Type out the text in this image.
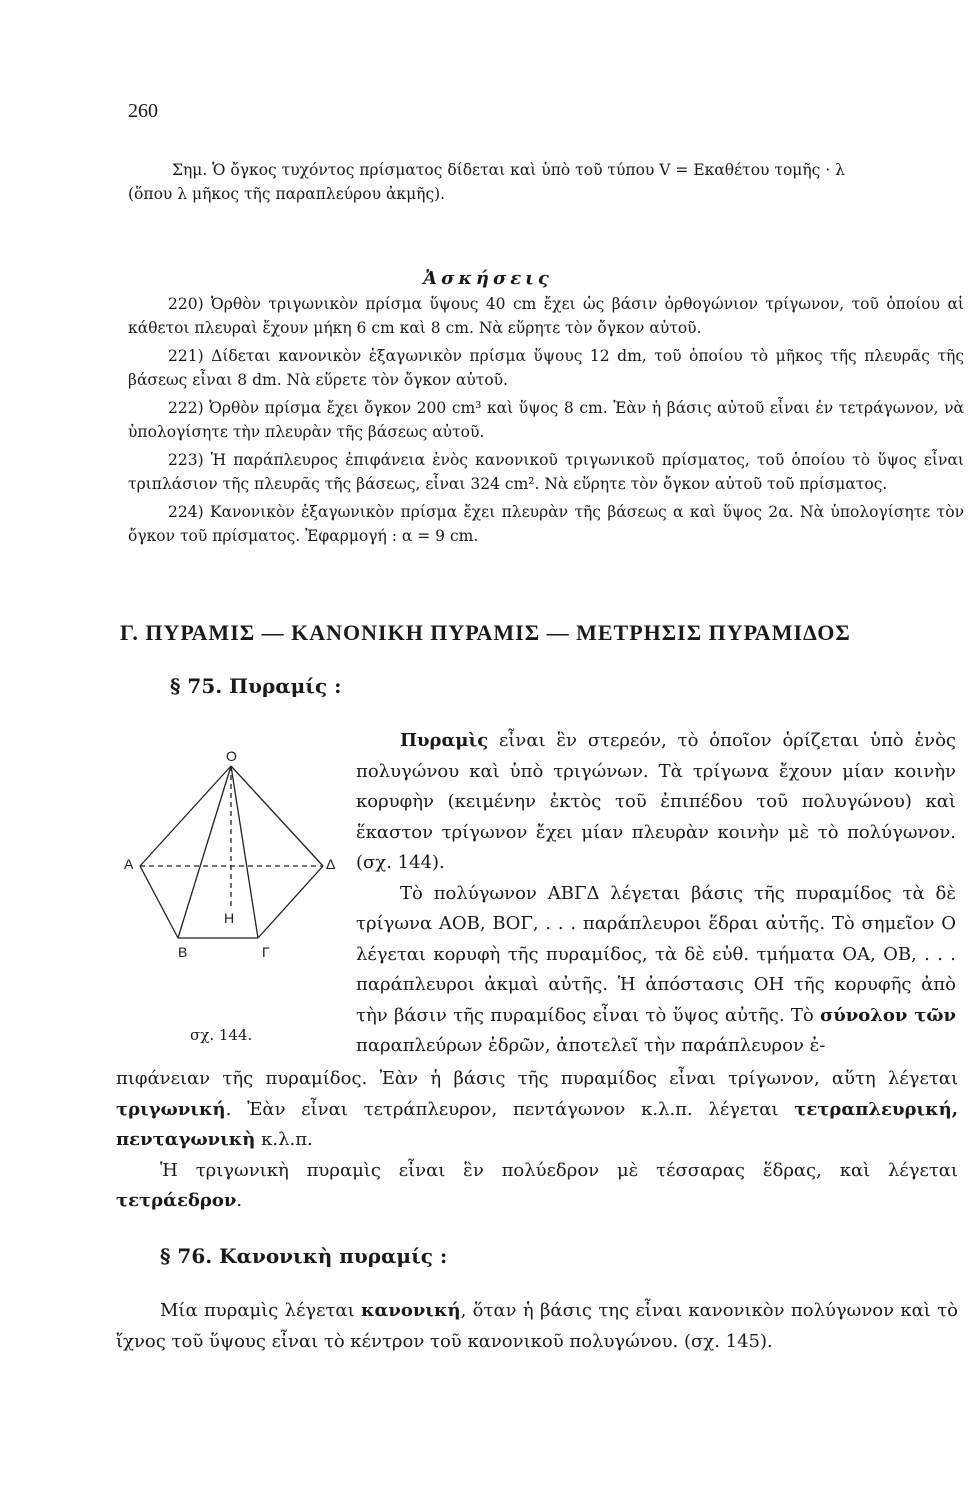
260
Σημ. Ὁ ὄγκος τυχόντος πρίσματος δίδεται καὶ ὑπὸ τοῦ τύπου V = Εκαθέτου τομῆς · λ
(ὅπου λ μῆκος τῆς παραπλεύρου ἀκμῆς).
Ἀσκήσεις

220) Ὀρθὸν τριγωνικὸν πρίσμα ὕψους 40 cm ἔχει ὡς βάσιν ὀρθογώνιον τρίγωνον, τοῦ ὁποίου αἱ κάθετοι πλευραὶ ἔχουν μήκη 6 cm καὶ 8 cm. Νὰ εὕρητε τὸν ὄγκον αὐτοῦ.

221) Δίδεται κανονικὸν ἑξαγωνικὸν πρίσμα ὕψους 12 dm, τοῦ ὁποίου τὸ μῆκος τῆς πλευρᾶς τῆς βάσεως εἶναι 8 dm. Νὰ εὕρετε τὸν ὄγκον αὐτοῦ.

222) Ὀρθὸν πρίσμα ἔχει ὄγκον 200 cm³ καὶ ὕψος 8 cm. Ἐὰν ἡ βάσις αὐτοῦ εἶναι ἐν τετράγωνον, νὰ ὑπολογίσητε τὴν πλευρὰν τῆς βάσεως αὐτοῦ.

223) Ἡ παράπλευρος ἐπιφάνεια ἑνὸς κανονικοῦ τριγωνικοῦ πρίσματος, τοῦ ὁποίου τὸ ὕψος εἶναι τριπλάσιον τῆς πλευρᾶς τῆς βάσεως, εἶναι 324 cm². Νὰ εὕρητε τὸν ὄγκον αὐτοῦ τοῦ πρίσματος.

224) Κανονικὸν ἑξαγωνικὸν πρίσμα ἔχει πλευρὰν τῆς βάσεως α καὶ ὕψος 2α. Νὰ ὑπολογίσητε τὸν ὄγκον τοῦ πρίσματος. Ἐφαρμογή : α = 9 cm.

Γ. ΠΥΡΑΜΙΣ — ΚΑΝΟΝΙΚΗ ΠΥΡΑΜΙΣ — ΜΕΤΡΗΣΙΣ ΠΥΡΑΜΙΔΟΣ
§ 75. Πυραμίς :
Ο
Α
Β	Γ
Δ
Η
σχ. 144.

Πυραμὶς εἶναι ἓν στερεόν, τὸ ὁποῖον ὁρίζεται ὑπὸ ἑνὸς πολυγώνου καὶ ὑπὸ τριγώνων. Τὰ τρίγωνα ἔχουν μίαν κοινὴν κορυφὴν (κειμένην ἐκτὸς τοῦ ἐπιπέδου τοῦ πολυγώνου) καὶ ἕκαστον τρίγωνον ἔχει μίαν πλευρὰν κοινὴν μὲ τὸ πολύγωνον. (σχ. 144).

Τὸ πολύγωνον ΑΒΓΔ λέγεται βάσις τῆς πυραμίδος τὰ δὲ τρίγωνα ΑΟΒ, ΒΟΓ, . . . παράπλευροι ἕδραι αὐτῆς. Τὸ σημεῖον Ο λέγεται κορυφὴ τῆς πυραμίδος, τὰ δὲ εὐθ. τμήματα ΟΑ, ΟΒ, . . . παράπλευροι ἀκμαὶ αὐτῆς. Ἡ ἀπόστασις ΟΗ τῆς κορυφῆς ἀπὸ τὴν βάσιν τῆς πυραμίδος εἶναι τὸ ὕψος αὐτῆς. Τὸ σύνολον τῶν παραπλεύρων ἑδρῶν, ἀποτελεῖ τὴν παράπλευρον ἐ-

πιφάνειαν τῆς πυραμίδος. Ἐὰν ἡ βάσις τῆς πυραμίδος εἶναι τρίγωνον, αὕτη λέγεται τριγωνική. Ἐὰν εἶναι τετράπλευρον, πεντάγωνον κ.λ.π. λέγεται τετραπλευρική, πενταγωνικὴ κ.λ.π.

Ἡ τριγωνικὴ πυραμὶς εἶναι ἓν πολύεδρον μὲ τέσσαρας ἕδρας, καὶ λέγεται τετράεδρον.

§ 76. Κανονικὴ πυραμίς :

Μία πυραμὶς λέγεται κανονική, ὅταν ἡ βάσις της εἶναι κανονικὸν πολύγωνον καὶ τὸ ἴχνος τοῦ ὕψους εἶναι τὸ κέντρον τοῦ κανονικοῦ πολυγώνου. (σχ. 145).
